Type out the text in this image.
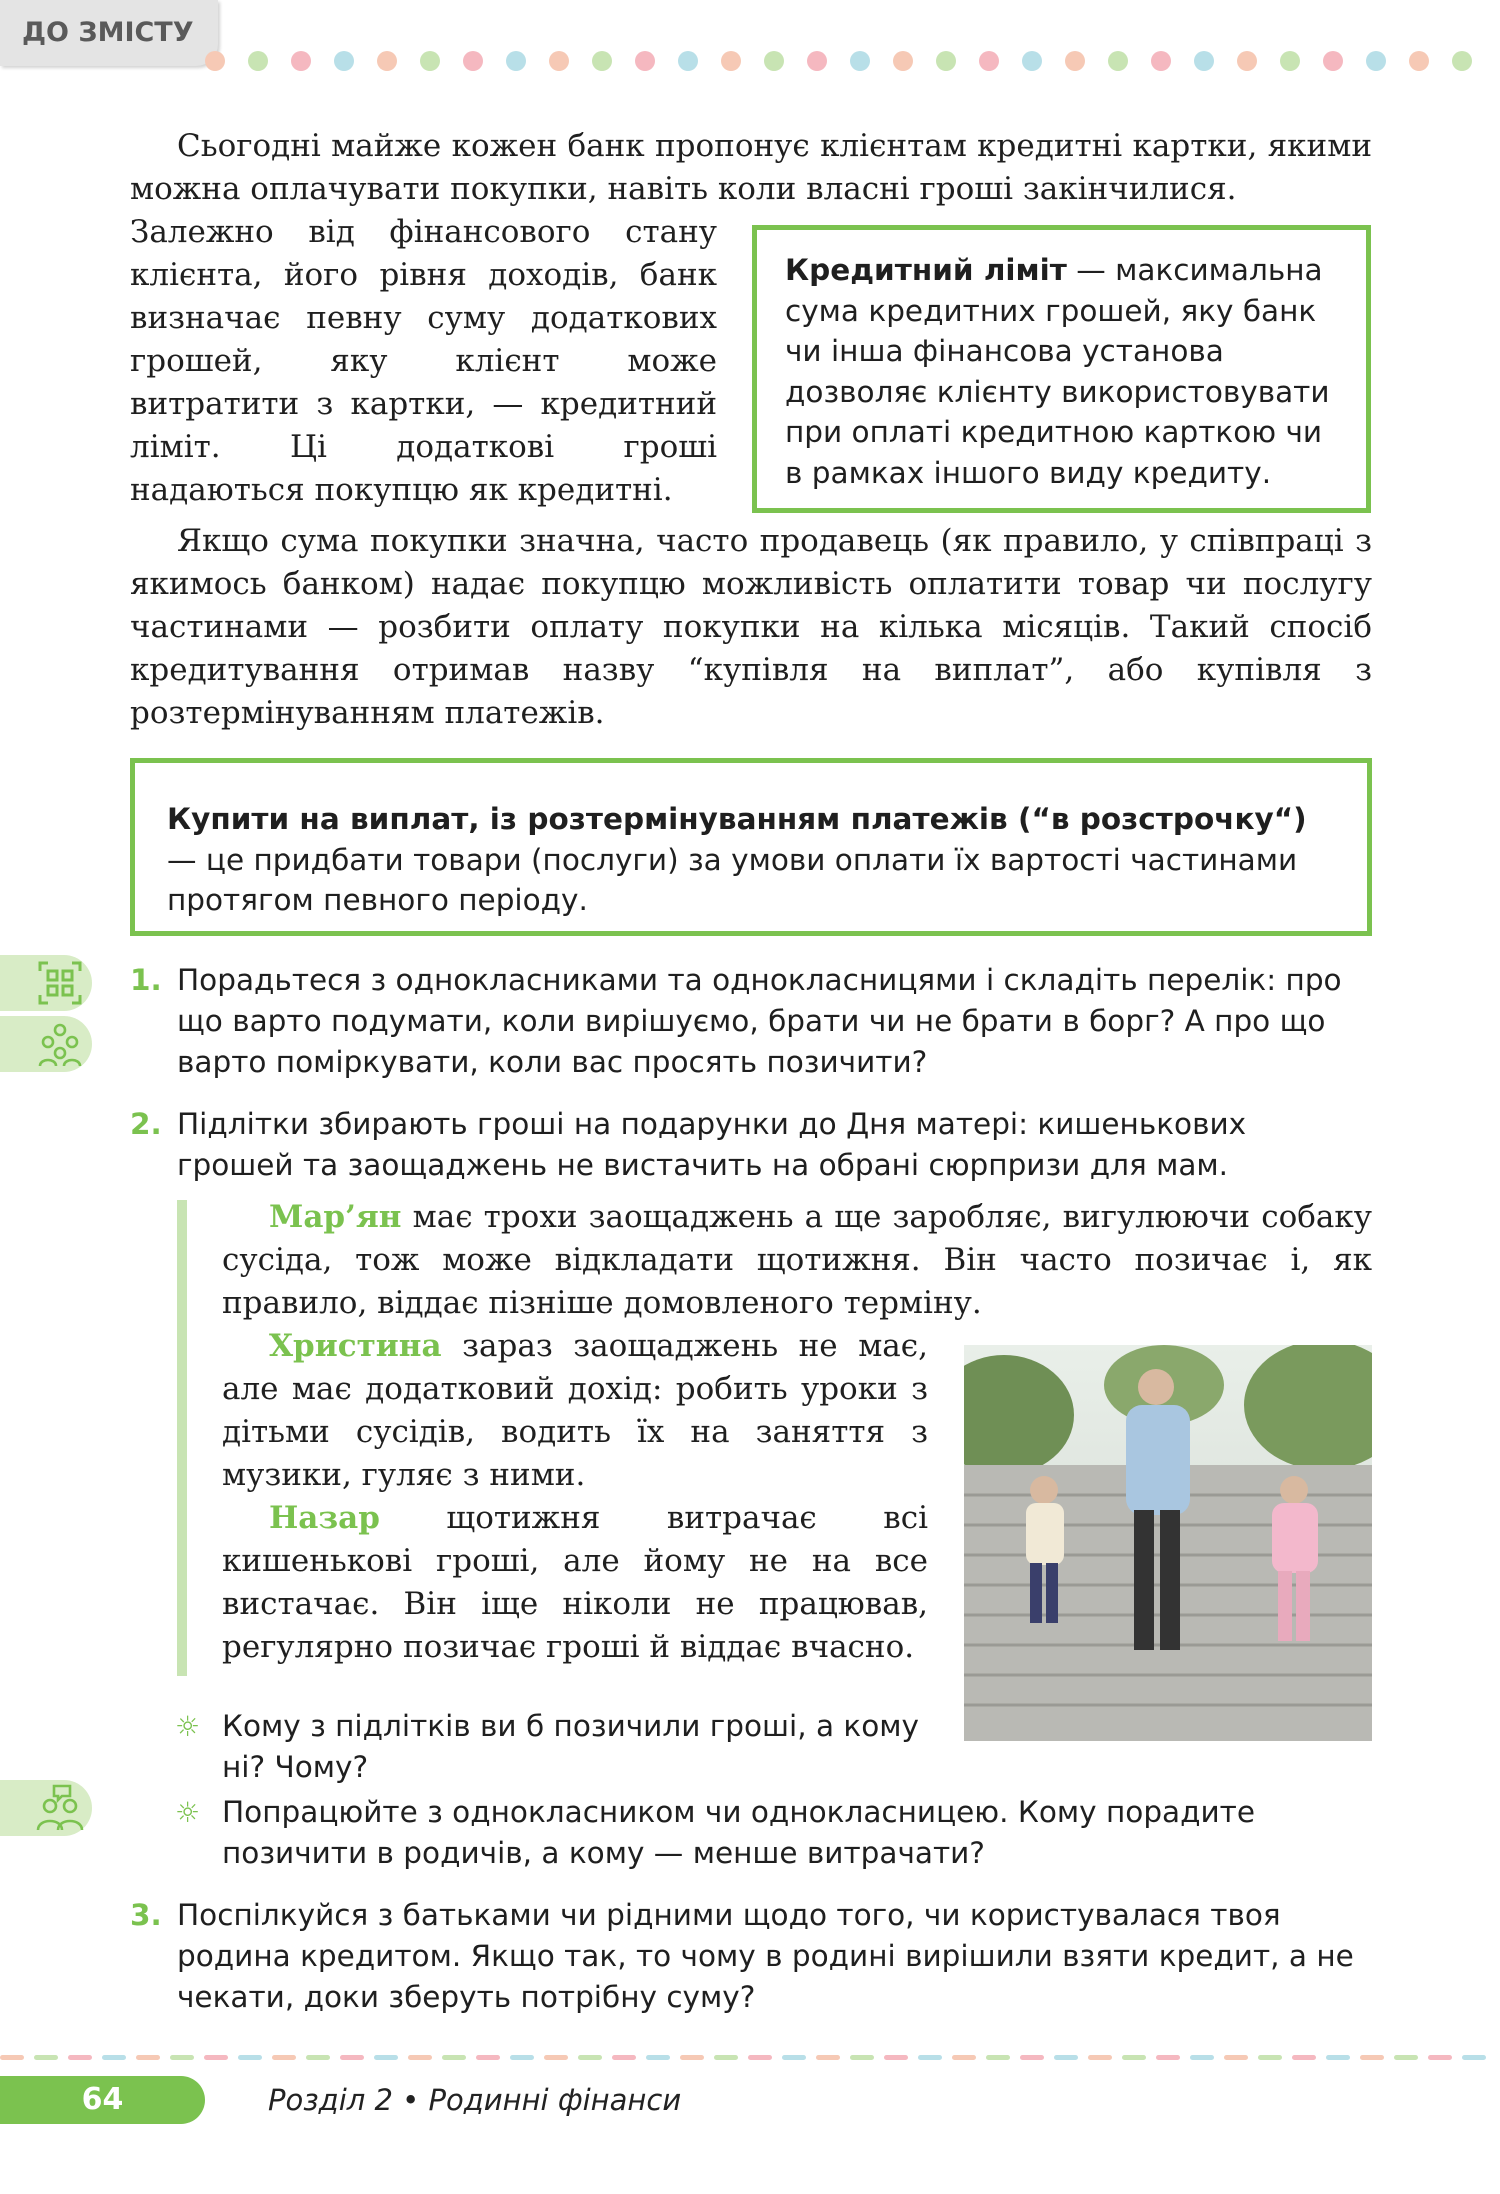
ДО ЗМІСТУ

Сьогодні майже кожен банк пропонує клієнтам кредитні картки, якими можна оплачувати покупки, навіть коли власні гроші закінчилися.

Залежно від фінансового стану клієнта, його рівня доходів, банк визначає певну суму додаткових грошей, яку клієнт може витратити з картки, — кредитний ліміт. Ці додаткові гроші надаються покупцю як кредитні.

Кредитний ліміт — максимальна сума кредитних грошей, яку банк чи інша фінансова установа дозволяє клієнту використовувати при оплаті кредитною карткою чи в рамках іншого виду кредиту.

Якщо сума покупки значна, часто продавець (як правило, у співпраці з якимось банком) надає покупцю можливість оплатити товар чи послугу частинами — розбити оплату покупки на кілька місяців. Такий спосіб кредитування отримав назву “купівля на виплат”, або купівля з розтермінуванням платежів.

Купити на виплат, із розтермінуванням платежів (“в розстрочку“) — це придбати товари (послуги) за умови оплати їх вартості частинами протягом певного періоду.
1. Порадьтеся з однокласниками та однокласницями і складіть перелік: про що варто подумати, коли вирішуємо, брати чи не брати в борг? А про що варто поміркувати, коли вас просять позичити?

2. Підлітки збирають гроші на подарунки до Дня матері: кишенькових грошей та заощаджень не вистачить на обрані сюрпризи для мам.

Мар’ян має трохи заощаджень а ще заробляє, вигулюючи собаку сусіда, тож може відкладати щотижня. Він часто позичає і, як правило, віддає пізніше домовленого терміну.

Христина зараз заощаджень не має, але має додатковий дохід: робить уроки з дітьми сусідів, водить їх на заняття з музики, гуляє з ними.

Назар щотижня витрачає всі кишенькові гроші, але йому не на все вистачає. Він іще ніколи не працював, регулярно позичає гроші й віддає вчасно.

☼ Кому з підлітків ви б позичили гроші, а кому ні? Чому?

☼ Попрацюйте з однокласником чи однокласницею. Кому порадите позичити в родичів, а кому — менше витрачати?

3. Поспілкуйся з батьками чи рідними щодо того, чи користувалася твоя родина кредитом. Якщо так, то чому в родині вирішили взяти кредит, а не чекати, доки зберуть потрібну суму?

64	Розділ 2 • Родинні фінанси
